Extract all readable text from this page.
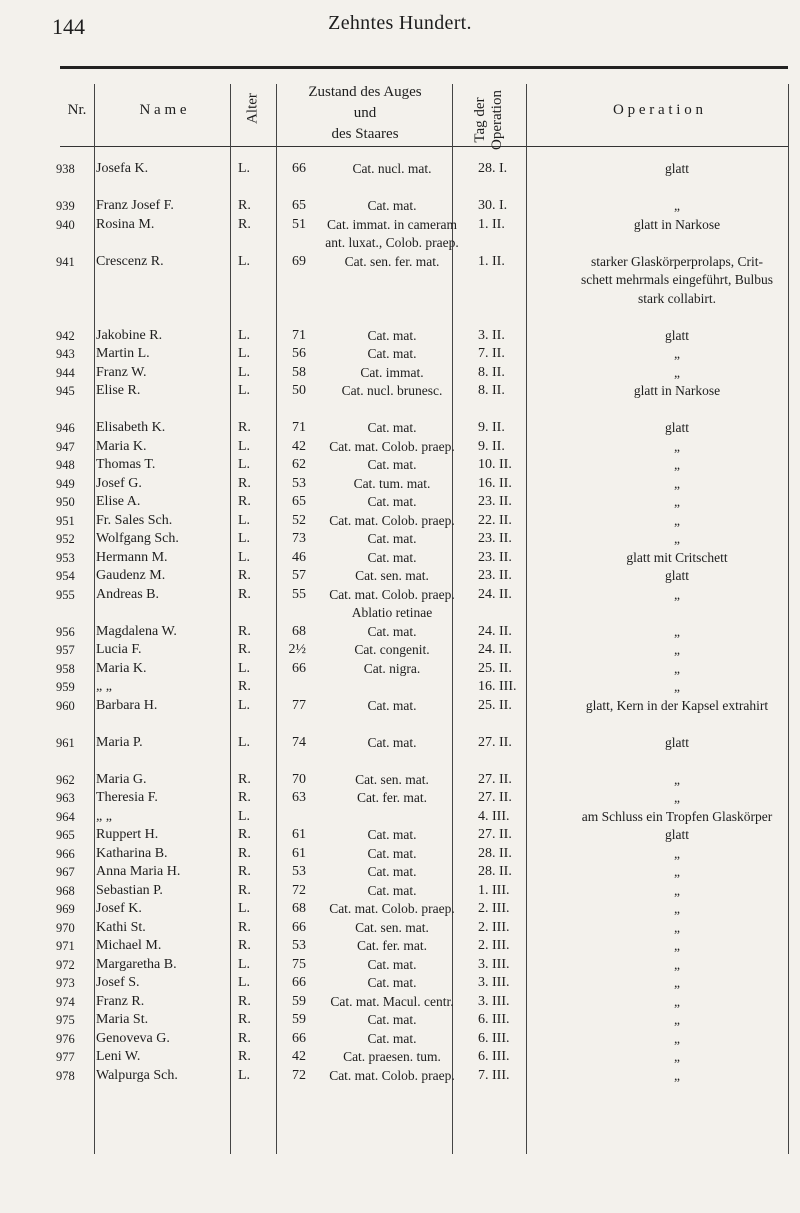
144	Zehntes Hundert.
Nr.	N a m e	Alter
Zustand des Auges
und
des Staares	Tag der Operation	O p e r a t i o n
938	Josefa K.	L.	66	Cat. nucl. mat.	28. I.	glatt

939	Franz Josef F.	R.	65	Cat. mat.	30. I.	„
940	Rosina M.	R.	51	Cat. immat. in cameram	1. II.	glatt in Narkose
				ant. luxat., Colob. praep.		
941	Crescenz R.	L.	69	Cat. sen. fer. mat.	1. II.	starker Glaskörperprolaps, Crit-
						schett mehrmals eingeführt, Bulbus
						stark collabirt.

942	Jakobine R.	L.	71	Cat. mat.	3. II.	glatt
943	Martin L.	L.	56	Cat. mat.	7. II.	„
944	Franz W.	L.	58	Cat. immat.	8. II.	„
945	Elise R.	L.	50	Cat. nucl. brunesc.	8. II.	glatt in Narkose

946	Elisabeth K.	R.	71	Cat. mat.	9. II.	glatt
947	Maria K.	L.	42	Cat. mat. Colob. praep.	9. II.	„
948	Thomas T.	L.	62	Cat. mat.	10. II.	„
949	Josef G.	R.	53	Cat. tum. mat.	16. II.	„
950	Elise A.	R.	65	Cat. mat.	23. II.	„
951	Fr. Sales Sch.	L.	52	Cat. mat. Colob. praep.	22. II.	„
952	Wolfgang Sch.	L.	73	Cat. mat.	23. II.	„
953	Hermann M.	L.	46	Cat. mat.	23. II.	glatt mit Critschett
954	Gaudenz M.	R.	57	Cat. sen. mat.	23. II.	glatt
955	Andreas B.	R.	55	Cat. mat. Colob. praep.	24. II.	„
				Ablatio retinae		
956	Magdalena W.	R.	68	Cat. mat.	24. II.	„
957	Lucia F.	R.	2½	Cat. congenit.	24. II.	„
958	Maria K.	L.	66	Cat. nigra.	25. II.	„
959	„ „	R.			16. III.	„
960	Barbara H.	L.	77	Cat. mat.	25. II.	glatt, Kern in der Kapsel extrahirt

961	Maria P.	L.	74	Cat. mat.	27. II.	glatt

962	Maria G.	R.	70	Cat. sen. mat.	27. II.	„
963	Theresia F.	R.	63	Cat. fer. mat.	27. II.	„
964	„ „	L.			4. III.	am Schluss ein Tropfen Glaskörper
965	Ruppert H.	R.	61	Cat. mat.	27. II.	glatt
966	Katharina B.	R.	61	Cat. mat.	28. II.	„
967	Anna Maria H.	R.	53	Cat. mat.	28. II.	„
968	Sebastian P.	R.	72	Cat. mat.	1. III.	„
969	Josef K.	L.	68	Cat. mat. Colob. praep.	2. III.	„
970	Kathi St.	R.	66	Cat. sen. mat.	2. III.	„
971	Michael M.	R.	53	Cat. fer. mat.	2. III.	„
972	Margaretha B.	L.	75	Cat. mat.	3. III.	„
973	Josef S.	L.	66	Cat. mat.	3. III.	„
974	Franz R.	R.	59	Cat. mat. Macul. centr.	3. III.	„
975	Maria St.	R.	59	Cat. mat.	6. III.	„
976	Genoveva G.	R.	66	Cat. mat.	6. III.	„
977	Leni W.	R.	42	Cat. praesen. tum.	6. III.	„
978	Walpurga Sch.	L.	72	Cat. mat. Colob. praep.	7. III.	„
